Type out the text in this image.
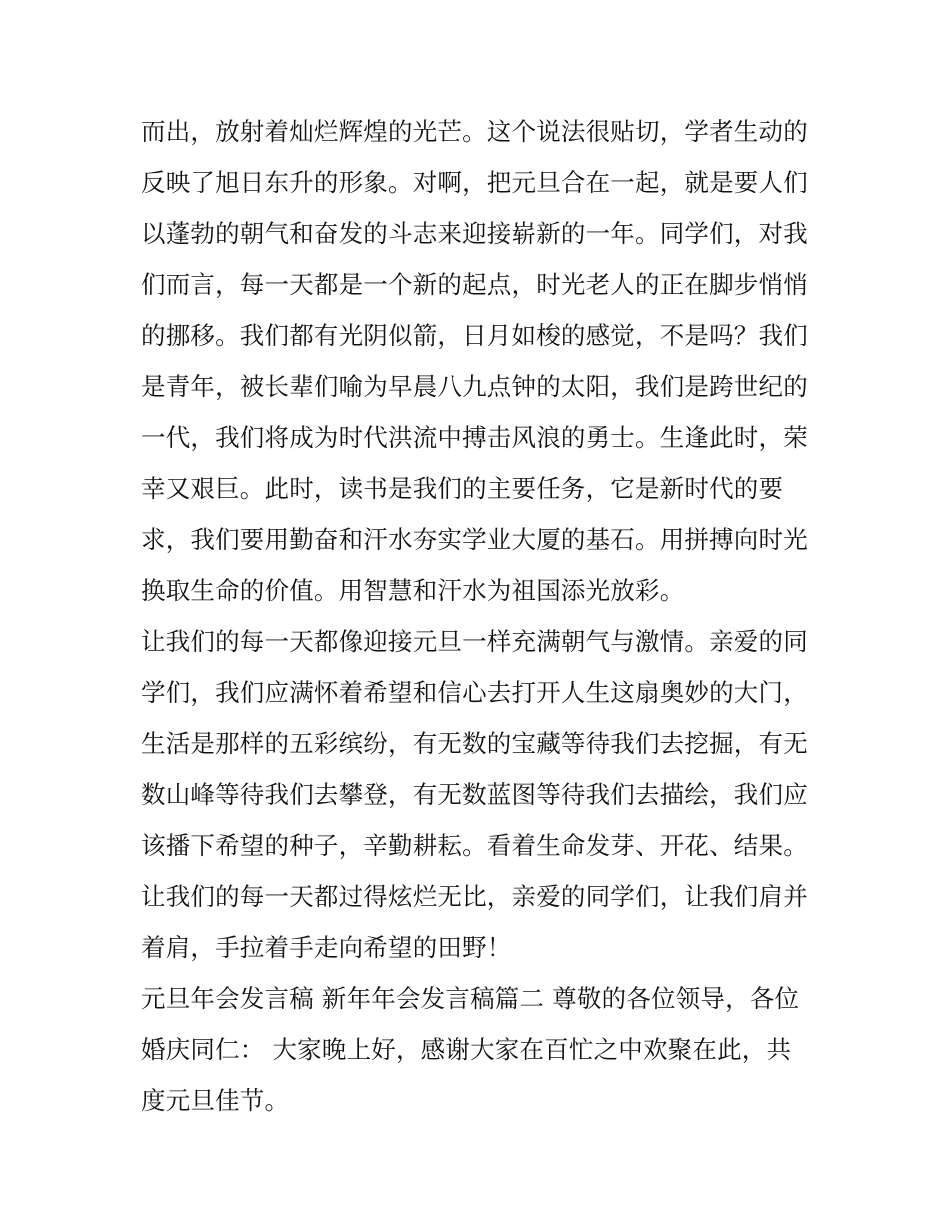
而出，放射着灿烂辉煌的光芒。这个说法很贴切，学者生动的
反映了旭日东升的形象。对啊，把元旦合在一起，就是要人们
以蓬勃的朝气和奋发的斗志来迎接崭新的一年。同学们，对我
们而言，每一天都是一个新的起点，时光老人的正在脚步悄悄
的挪移。我们都有光阴似箭，日月如梭的感觉，不是吗？我们
是青年，被长辈们喻为早晨八九点钟的太阳，我们是跨世纪的
一代，我们将成为时代洪流中搏击风浪的勇士。生逢此时，荣
幸又艰巨。此时，读书是我们的主要任务，它是新时代的要
求，我们要用勤奋和汗水夯实学业大厦的基石。用拼搏向时光
换取生命的价值。用智慧和汗水为祖国添光放彩。
让我们的每一天都像迎接元旦一样充满朝气与激情。亲爱的同
学们，我们应满怀着希望和信心去打开人生这扇奥妙的大门，
生活是那样的五彩缤纷，有无数的宝藏等待我们去挖掘，有无
数山峰等待我们去攀登，有无数蓝图等待我们去描绘，我们应
该播下希望的种子，辛勤耕耘。看着生命发芽、开花、结果。
让我们的每一天都过得炫烂无比，亲爱的同学们，让我们肩并
着肩，手拉着手走向希望的田野！
元旦年会发言稿 新年年会发言稿篇二 尊敬的各位领导，各位
婚庆同仁： 大家晚上好，感谢大家在百忙之中欢聚在此，共
度元旦佳节。
